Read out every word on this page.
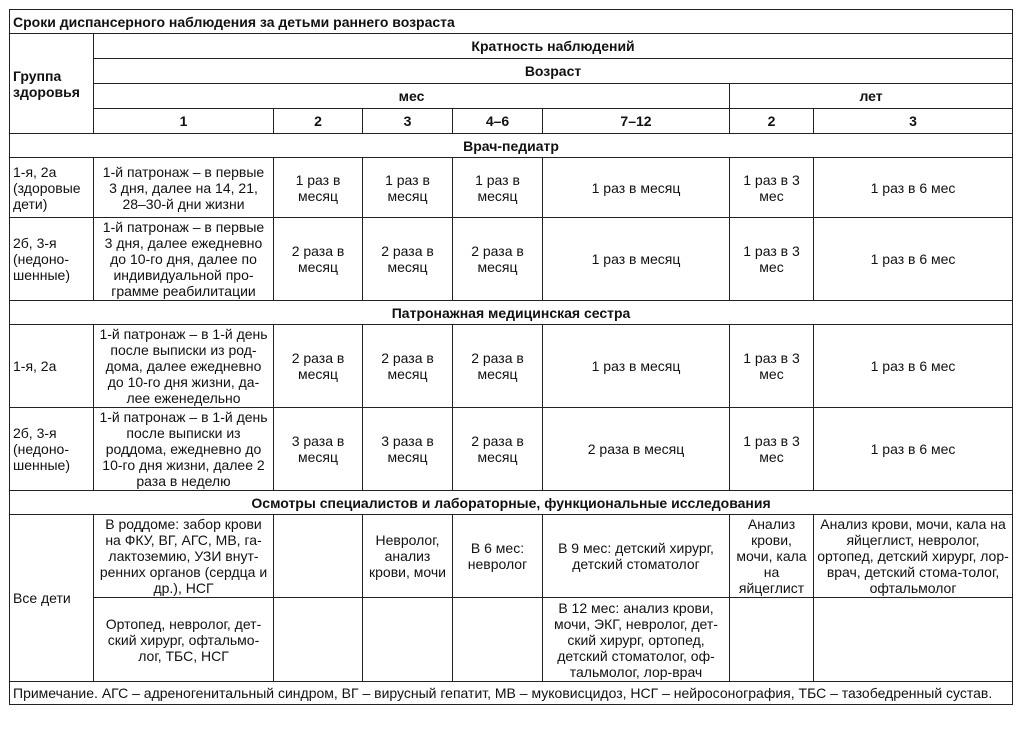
Сроки диспансерного наблюдения за детьми раннего возраста							
Группа здоровья	Кратность наблюдений						
	Возраст						
	мес					лет	
	1	2	3	4–6	7–12	2	3
Врач-педиатр							
1-я, 2а (здоровые дети)	1-й патронаж – в первые 3 дня, далее на 14, 21, 28–30-й дни жизни	1 раз в месяц	1 раз в месяц	1 раз в месяц	1 раз в месяц	1 раз в 3 мес	1 раз в 6 мес
2б, 3-я (недоно-шенные)	1-й патронаж – в первые 3 дня, далее ежедневно до 10-го дня, далее по индивидуальной про-грамме реабилитации	2 раза в месяц	2 раза в месяц	2 раза в месяц	1 раз в месяц	1 раз в 3 мес	1 раз в 6 мес
Патронажная медицинская сестра							
1-я, 2а	1-й патронаж – в 1-й день после выписки из род-дома, далее ежедневно до 10-го дня жизни, да-лее еженедельно	2 раза в месяц	2 раза в месяц	2 раза в месяц	1 раз в месяц	1 раз в 3 мес	1 раз в 6 мес
2б, 3-я (недоно-шенные)	1-й патронаж – в 1-й день после выписки из роддома, ежедневно до 10-го дня жизни, далее 2 раза в неделю	3 раза в месяц	3 раза в месяц	2 раза в месяц	2 раза в месяц	1 раз в 3 мес	1 раз в 6 мес
Осмотры специалистов и лабораторные, функциональные исследования							
Все дети	В роддоме: забор крови на ФКУ, ВГ, АГС, МВ, га-лактоземию, УЗИ внут-ренних органов (сердца и др.), НСГ		Невролог, анализ крови, мочи	В 6 мес: невролог	В 9 мес: детский хирург, детский стоматолог	Анализ крови, мочи, кала на яйцеглист	Анализ крови, мочи, кала на яйцеглист, невролог, ортопед, детский хирург, лор-врач, детский стома-толог, офтальмолог
	Ортопед, невролог, дет-ский хирург, офтальмо-лог, ТБС, НСГ				В 12 мес: анализ крови, мочи, ЭКГ, невролог, дет-ский хирург, ортопед, детский стоматолог, оф-тальмолог, лор-врач		
Примечание. АГС – адреногенитальный синдром, ВГ – вирусный гепатит, МВ – муковисцидоз, НСГ – нейросонография, ТБС – тазобедренный сустав.							
